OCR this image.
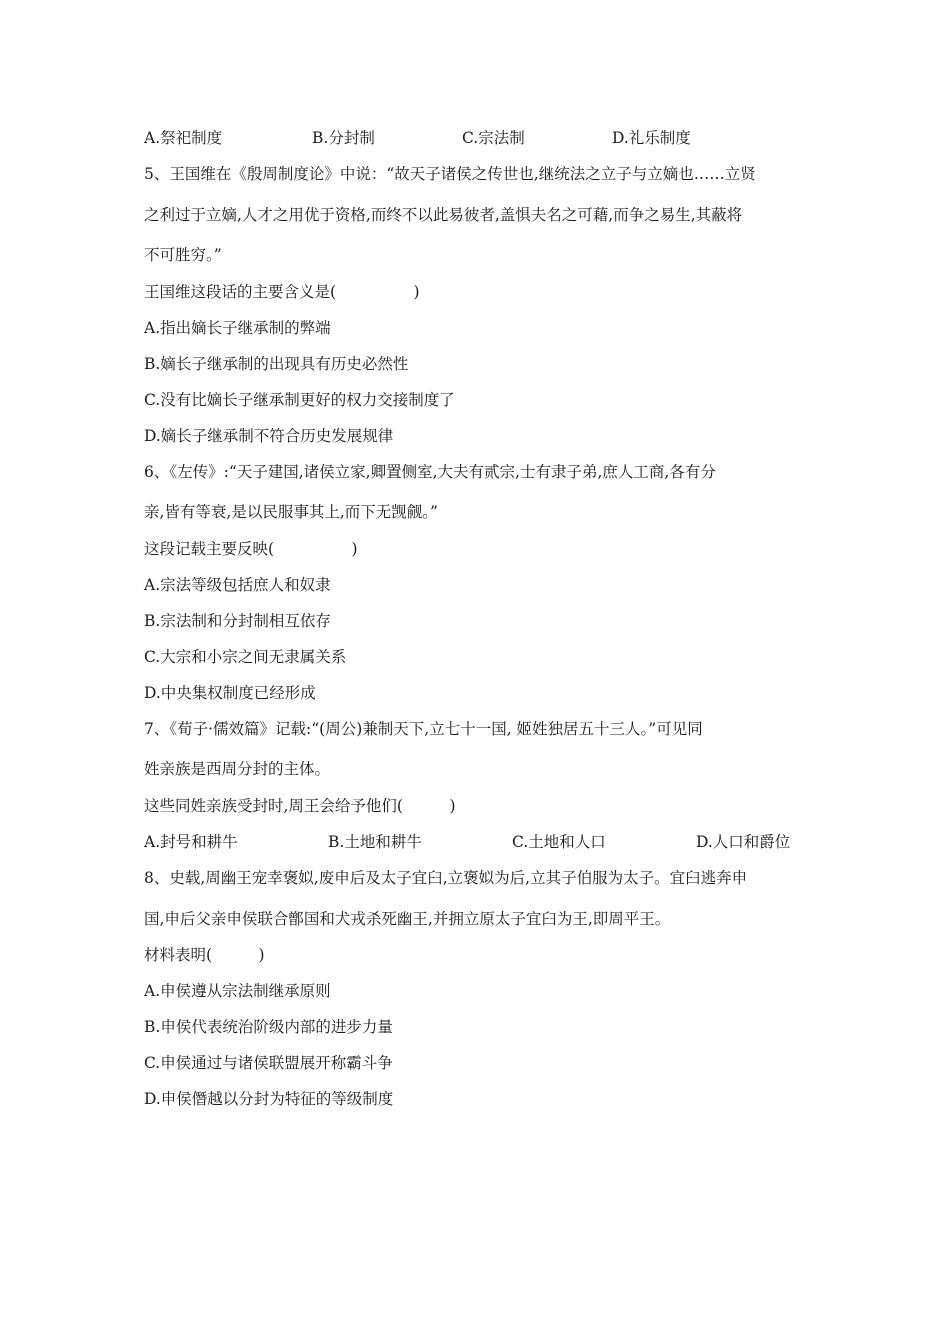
A.祭祀制度	B.分封制	C.宗法制	D.礼乐制度
5、王国维在《殷周制度论》中说：“故天子诸侯之传世也,继统法之立子与立嫡也……立贤
之利过于立嫡,人才之用优于资格,而终不以此易彼者,盖惧夫名之可藉,而争之易生,其蔽将
不可胜穷。”
王国维这段话的主要含义是(　　　　　)
A.指出嫡长子继承制的弊端
B.嫡长子继承制的出现具有历史必然性
C.没有比嫡长子继承制更好的权力交接制度了
D.嫡长子继承制不符合历史发展规律
6、《左传》:“天子建国,诸侯立家,卿置侧室,大夫有贰宗,士有隶子弟,庶人工商,各有分
亲,皆有等衰,是以民服事其上,而下无觊觎。”
这段记载主要反映(　　　　　)
A.宗法等级包括庶人和奴隶
B.宗法制和分封制相互依存
C.大宗和小宗之间无隶属关系
D.中央集权制度已经形成
7、《荀子·儒效篇》记载:“(周公)兼制天下,立七十一国, 姬姓独居五十三人。”可见同
姓亲族是西周分封的主体。
这些同姓亲族受封时,周王会给予他们(　　　)
A.封号和耕牛	B.土地和耕牛	C.土地和人口	D.人口和爵位
8、史载,周幽王宠幸褒姒,废申后及太子宜臼,立褒姒为后,立其子伯服为太子。宜臼逃奔申
国,申后父亲申侯联合鄫国和犬戎杀死幽王,并拥立原太子宜臼为王,即周平王。
材料表明(　　　)
A.申侯遵从宗法制继承原则
B.申侯代表统治阶级内部的进步力量
C.申侯通过与诸侯联盟展开称霸斗争
D.申侯僭越以分封为特征的等级制度
